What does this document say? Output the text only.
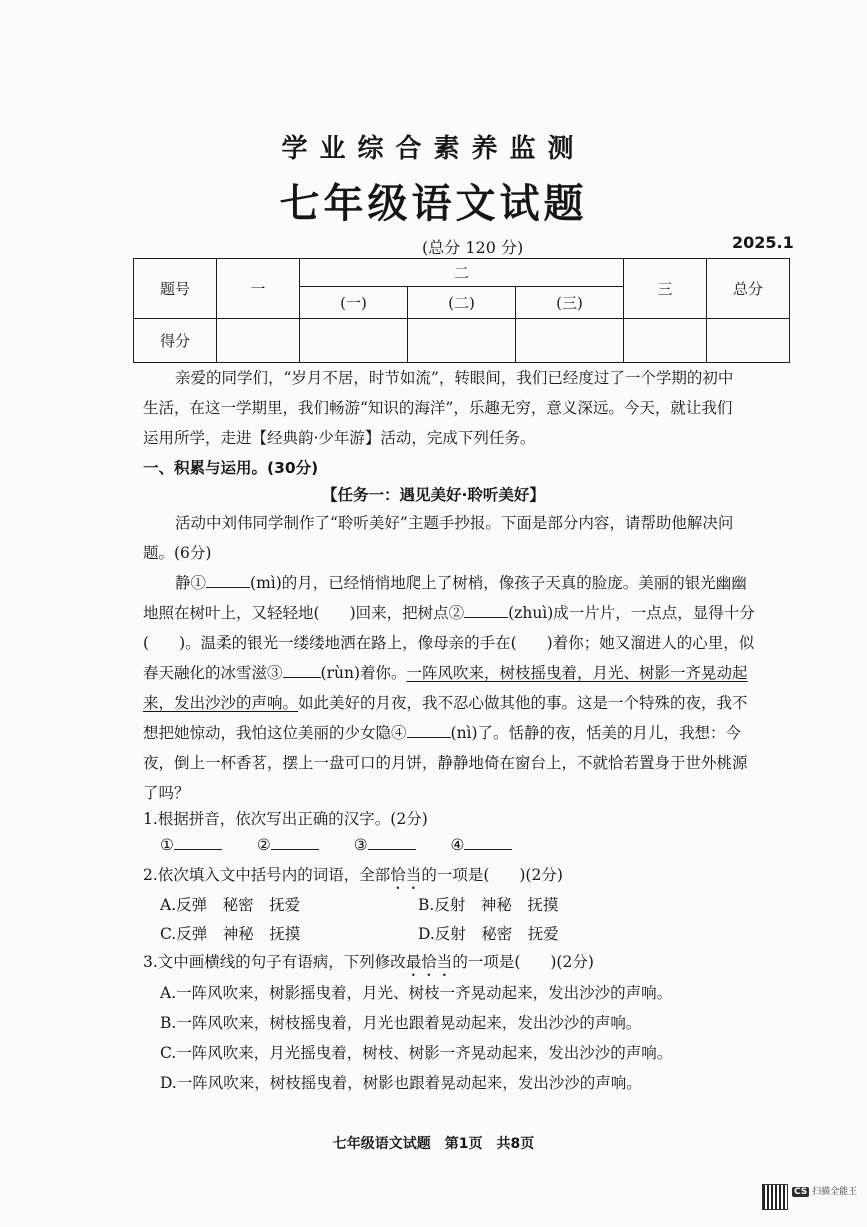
学业综合素养监测
七年级语文试题
(总分 120 分)	2025.1
题号	一	二			三	总分
		(一)	(二)	(三)		
得分						
亲爱的同学们，“岁月不居，时节如流”，转眼间，我们已经度过了一个学期的初中
生活，在这一学期里，我们畅游“知识的海洋”，乐趣无穷，意义深远。今天，就让我们
运用所学，走进【经典韵·少年游】活动，完成下列任务。
一、积累与运用。(30分)
【任务一：遇见美好·聆听美好】
活动中刘伟同学制作了“聆听美好”主题手抄报。下面是部分内容，请帮助他解决问
题。(6分)
静①	(mì)的月，已经悄悄地爬上了树梢，像孩子天真的脸庞。美丽的银光幽幽
地照在树叶上，又轻轻地( )回来，把树点②	(zhuì)成一片片，一点点，显得十分
( )。温柔的银光一缕缕地洒在路上，像母亲的手在( )着你；她又溜进人的心里，似
春天融化的冰雪滋③ (rùn)着你。一阵风吹来，树枝摇曳着，月光、树影一齐晃动起
来，发出沙沙的声响。如此美好的月夜，我不忍心做其他的事。这是一个特殊的夜，我不
想把她惊动，我怕这位美丽的少女隐④	(nì)了。恬静的夜，恬美的月儿，我想：今
夜，倒上一杯香茗，摆上一盘可口的月饼，静静地倚在窗台上，不就恰若置身于世外桃源
了吗？
1.根据拼音，依次写出正确的汉字。(2分)
①	②	③	④
2.依次填入文中括号内的词语，全部恰当的一项是( )(2分)
A.反弹　秘密　抚爱	B.反射　神秘　抚摸
C.反弹　神秘　抚摸	D.反射　秘密　抚爱
3.文中画横线的句子有语病，下列修改最恰当的一项是( )(2分)
A.一阵风吹来，树影摇曳着，月光、树枝一齐晃动起来，发出沙沙的声响。
B.一阵风吹来，树枝摇曳着，月光也跟着晃动起来，发出沙沙的声响。
C.一阵风吹来，月光摇曳着，树枝、树影一齐晃动起来，发出沙沙的声响。
D.一阵风吹来，树枝摇曳着，树影也跟着晃动起来，发出沙沙的声响。
七年级语文试题　第1页　共8页
CS 扫描全能王
